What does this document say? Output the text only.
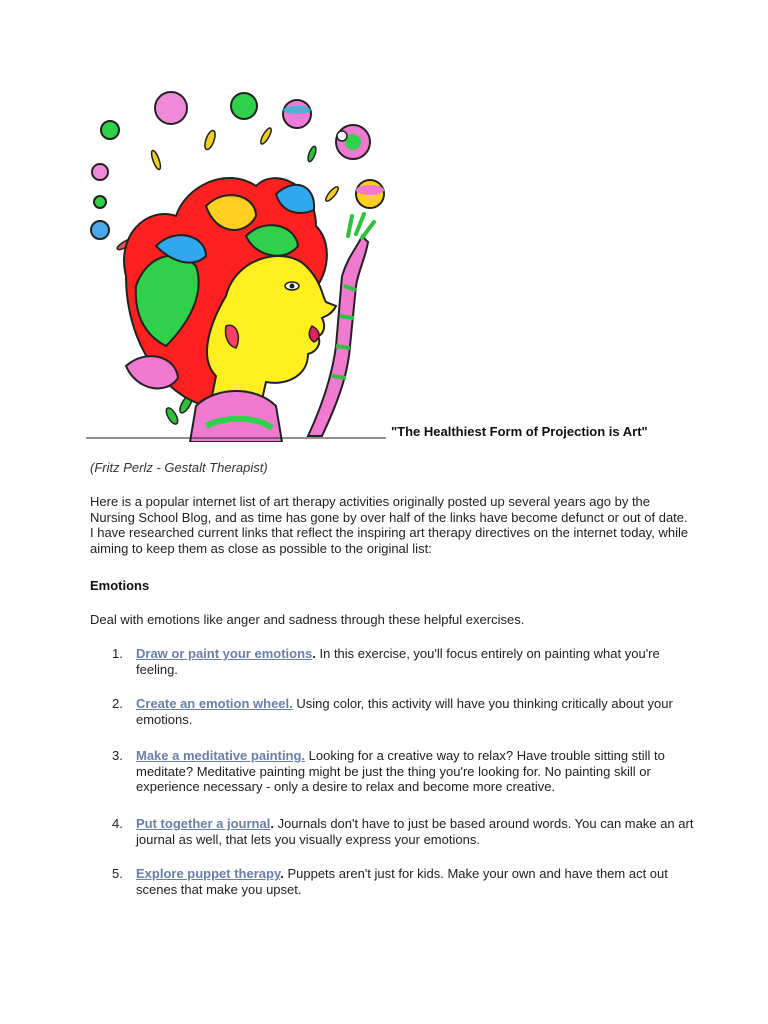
"The Healthiest Form of Projection is Art"
(Fritz Perlz - Gestalt Therapist)
Here is a popular internet list of art therapy activities originally posted up several years ago by the Nursing School Blog, and as time has gone by over half of the links have become defunct or out of date. I have researched current links that reflect the inspiring art therapy directives on the internet today, while aiming to keep them as close as possible to the original list:
Emotions
Deal with emotions like anger and sadness through these helpful exercises.
1.	Draw or paint your emotions. In this exercise, you'll focus entirely on painting what you're feeling.
2.	Create an emotion wheel. Using color, this activity will have you thinking critically about your emotions.
3.	Make a meditative painting. Looking for a creative way to relax? Have trouble sitting still to meditate? Meditative painting might be just the thing you're looking for. No painting skill or experience necessary - only a desire to relax and become more creative.
4.	Put together a journal. Journals don't have to just be based around words. You can make an art journal as well, that lets you visually express your emotions.
5.	Explore puppet therapy. Puppets aren't just for kids. Make your own and have them act out scenes that make you upset.
